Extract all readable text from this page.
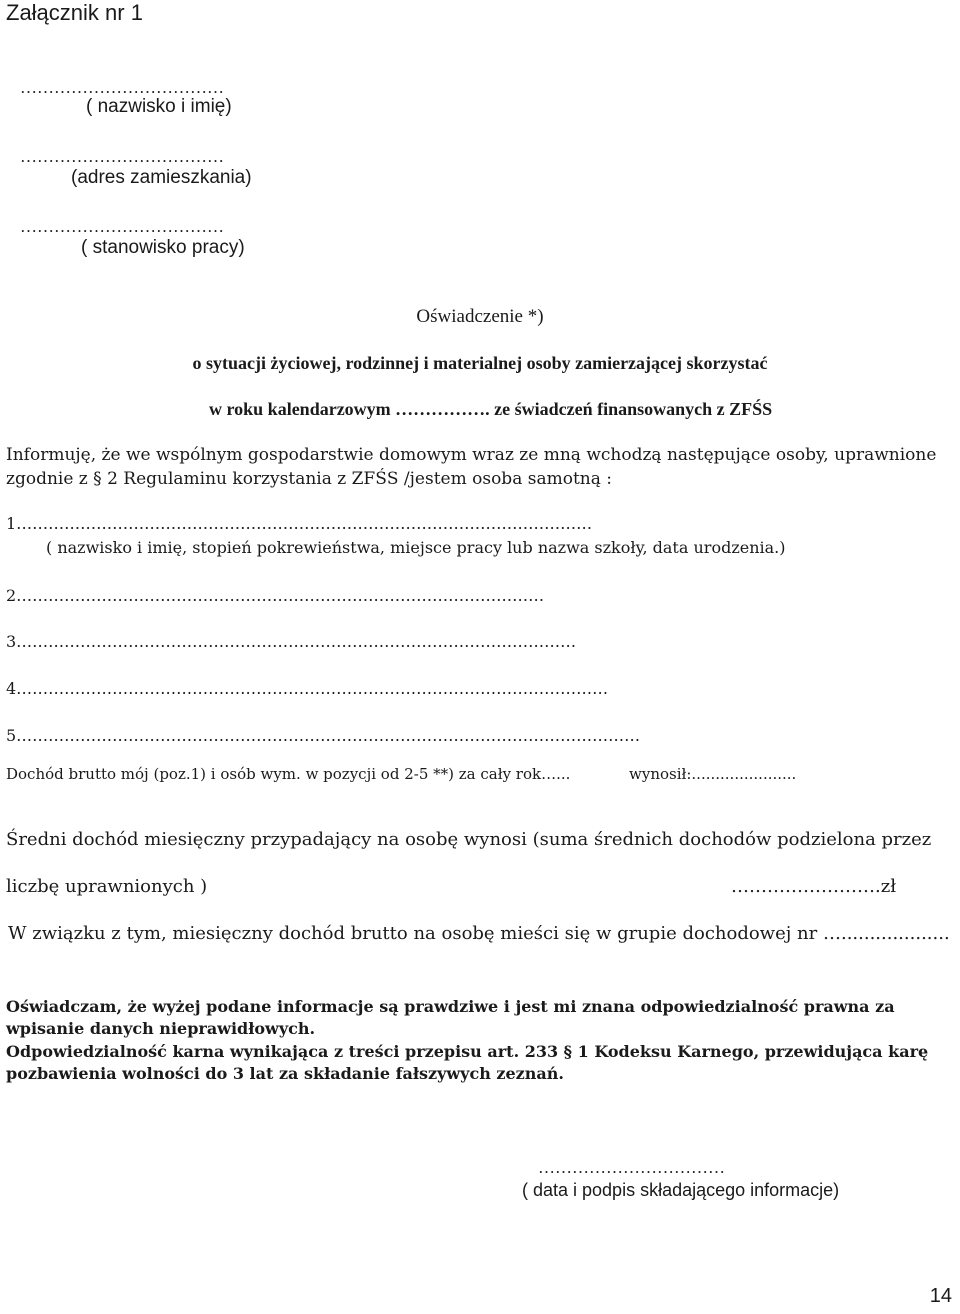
Załącznik nr 1
………………………………
( nazwisko i imię)
………………………………
(adres zamieszkania)
………………………………
( stanowisko pracy)
Oświadczenie *)
o sytuacji życiowej, rodzinnej i materialnej osoby zamierzającej skorzystać
w roku kalendarzowym ……………. ze świadczeń finansowanych z ZFŚS
Informuję, że we wspólnym gospodarstwie domowym wraz ze mną wchodzą następujące osoby, uprawnione
zgodnie z § 2 Regulaminu korzystania z ZFŚS /jestem osoba samotną :
1………………………………………………………………………………………………
( nazwisko i imię, stopień pokrewieństwa, miejsce pracy lub nazwa szkoły, data urodzenia.)
2………………………………………………………………………………………
3……………………………………………………………………………………………
4…………………………………………………………………………………………………
5………………………………………………………………………………………………………
Dochód brutto mój (poz.1) i osób wym. w pozycji od 2-5 **) za cały rok…...	wynosił:......................
Średni dochód miesięczny przypadający na osobę wynosi (suma średnich dochodów podzielona przez
liczbę uprawnionych )	…………………….zł
W związku z tym, miesięczny dochód brutto na osobę mieści się w grupie dochodowej nr …...................
Oświadczam, że wyżej podane informacje są prawdziwe i jest mi znana odpowiedzialność prawna za wpisanie danych nieprawidłowych.
Odpowiedzialność karna wynikająca z treści przepisu art. 233 § 1 Kodeksu Karnego, przewidująca karę pozbawienia wolności do 3 lat za składanie fałszywych zeznań.
……………………………
( data i podpis składającego informacje)
14
